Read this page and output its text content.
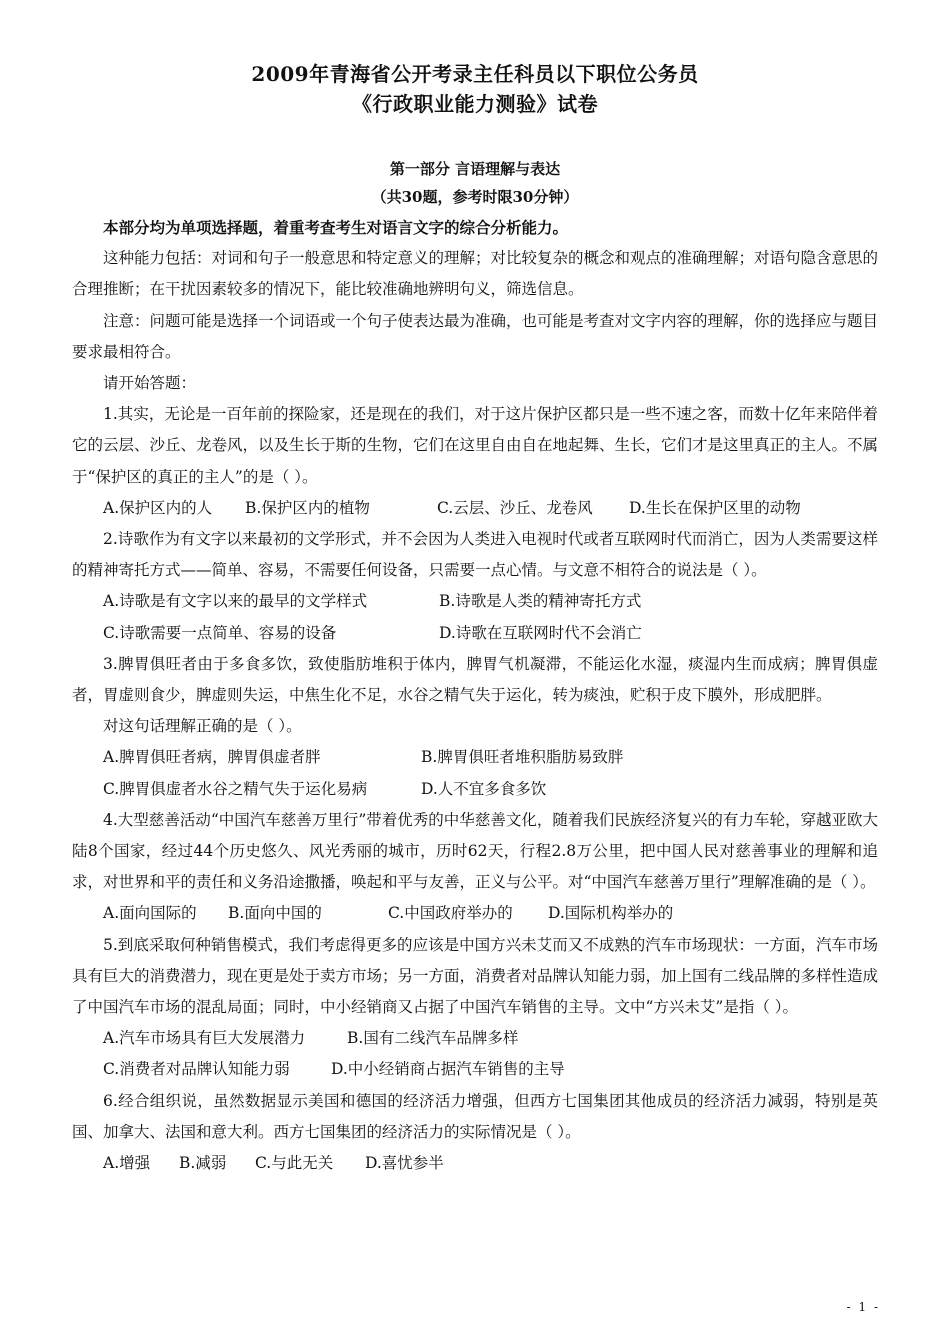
2009年青海省公开考录主任科员以下职位公务员
《行政职业能力测验》试卷
第一部分 言语理解与表达
（共30题，参考时限30分钟）

本部分均为单项选择题，着重考查考生对语言文字的综合分析能力。

这种能力包括：对词和句子一般意思和特定意义的理解；对比较复杂的概念和观点的准确理解；对语句隐含意思的合理推断；在干扰因素较多的情况下，能比较准确地辨明句义，筛选信息。

注意：问题可能是选择一个词语或一个句子使表达最为准确，也可能是考查对文字内容的理解，你的选择应与题目要求最相符合。

请开始答题：

1.其实，无论是一百年前的探险家，还是现在的我们，对于这片保护区都只是一些不速之客，而数十亿年来陪伴着它的云层、沙丘、龙卷风，以及生长于斯的生物，它们在这里自由自在地起舞、生长，它们才是这里真正的主人。不属于“保护区的真正的主人”的是（ ）。

A.保护区内的人 B.保护区内的植物	C.云层、沙丘、龙卷风 D.生长在保护区里的动物

2.诗歌作为有文字以来最初的文学形式，并不会因为人类进入电视时代或者互联网时代而消亡，因为人类需要这样的精神寄托方式——简单、容易，不需要任何设备，只需要一点心情。与文意不相符合的说法是（ ）。

A.诗歌是有文字以来的最早的文学样式	B.诗歌是人类的精神寄托方式
C.诗歌需要一点简单、容易的设备	D.诗歌在互联网时代不会消亡

3.脾胃俱旺者由于多食多饮，致使脂肪堆积于体内，脾胃气机凝滞，不能运化水湿，痰湿内生而成病；脾胃俱虚者，胃虚则食少，脾虚则失运，中焦生化不足，水谷之精气失于运化，转为痰浊，贮积于皮下膜外，形成肥胖。

对这句话理解正确的是（ ）。

A.脾胃俱旺者病，脾胃俱虚者胖	B.脾胃俱旺者堆积脂肪易致胖
C.脾胃俱虚者水谷之精气失于运化易病	D.人不宜多食多饮

4.大型慈善活动“中国汽车慈善万里行”带着优秀的中华慈善文化，随着我们民族经济复兴的有力车轮，穿越亚欧大陆8个国家，经过44个历史悠久、风光秀丽的城市，历时62天，行程2.8万公里，把中国人民对慈善事业的理解和追求，对世界和平的责任和义务沿途撒播，唤起和平与友善，正义与公平。对“中国汽车慈善万里行”理解准确的是（ ）。

A.面向国际的 B.面向中国的	C.中国政府举办的 D.国际机构举办的

5.到底采取何种销售模式，我们考虑得更多的应该是中国方兴未艾而又不成熟的汽车市场现状：一方面，汽车市场具有巨大的消费潜力，现在更是处于卖方市场；另一方面，消费者对品牌认知能力弱，加上国有二线品牌的多样性造成了中国汽车市场的混乱局面；同时，中小经销商又占据了中国汽车销售的主导。文中“方兴未艾”是指（ ）。

A.汽车市场具有巨大发展潜力	B.国有二线汽车品牌多样
C.消费者对品牌认知能力弱	D.中小经销商占据汽车销售的主导

6.经合组织说，虽然数据显示美国和德国的经济活力增强，但西方七国集团其他成员的经济活力减弱，特别是英国、加拿大、法国和意大利。西方七国集团的经济活力的实际情况是（ ）。

A.增强 B.减弱 C.与此无关 D.喜忧参半
- 1 -
